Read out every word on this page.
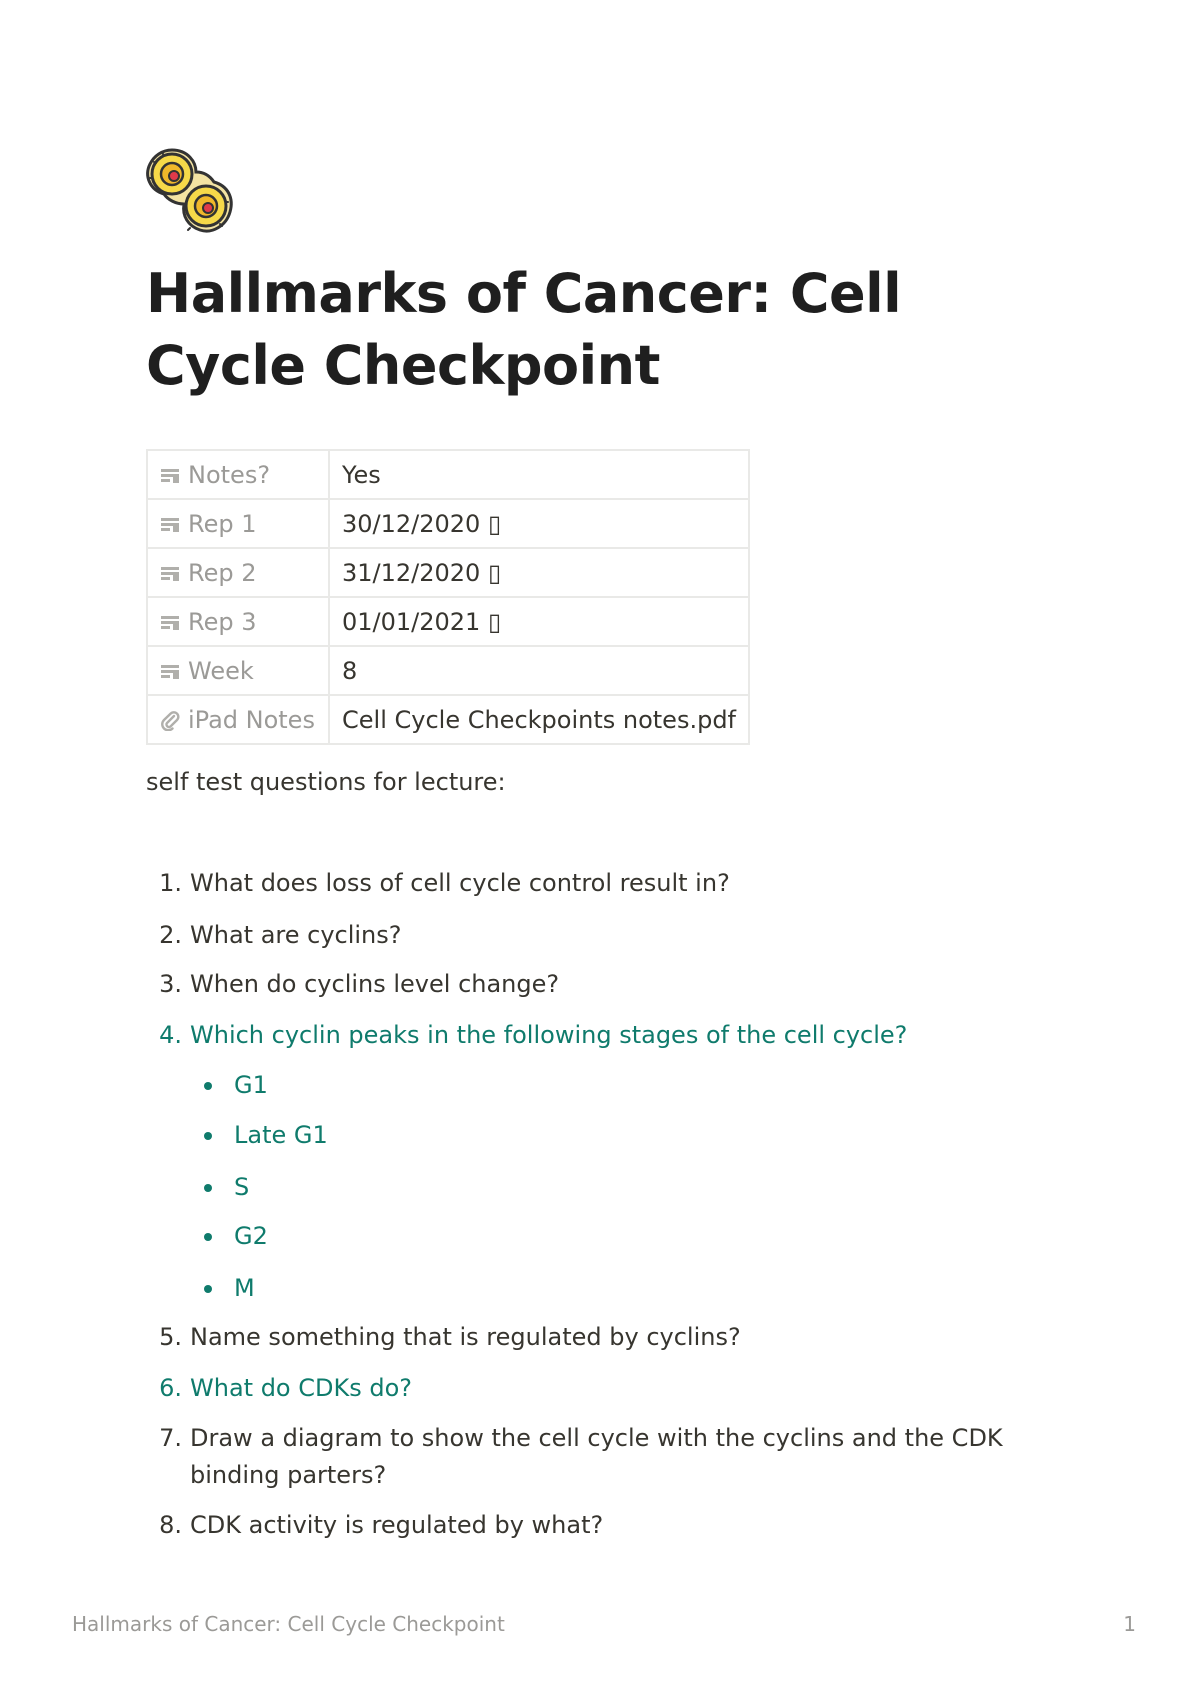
Hallmarks of Cancer: Cell Cycle Checkpoint
Notes?	Yes

Rep 1	30/12/2020 ▯

Rep 2	31/12/2020 ▯

Rep 3	01/01/2021 ▯

Week	8

iPad Notes	Cell Cycle Checkpoints notes.pdf

self test questions for lecture:

1. What does loss of cell cycle control result in?
2. What are cyclins?
3. When do cyclins level change?
4. Which cyclin peaks in the following stages of the cell cycle?
G1
Late G1
S
G2
M
5. Name something that is regulated by cyclins?
6. What do CDKs do?
7. Draw a diagram to show the cell cycle with the cyclins and the CDK binding parters?
8. CDK activity is regulated by what?
Hallmarks of Cancer: Cell Cycle Checkpoint	1
